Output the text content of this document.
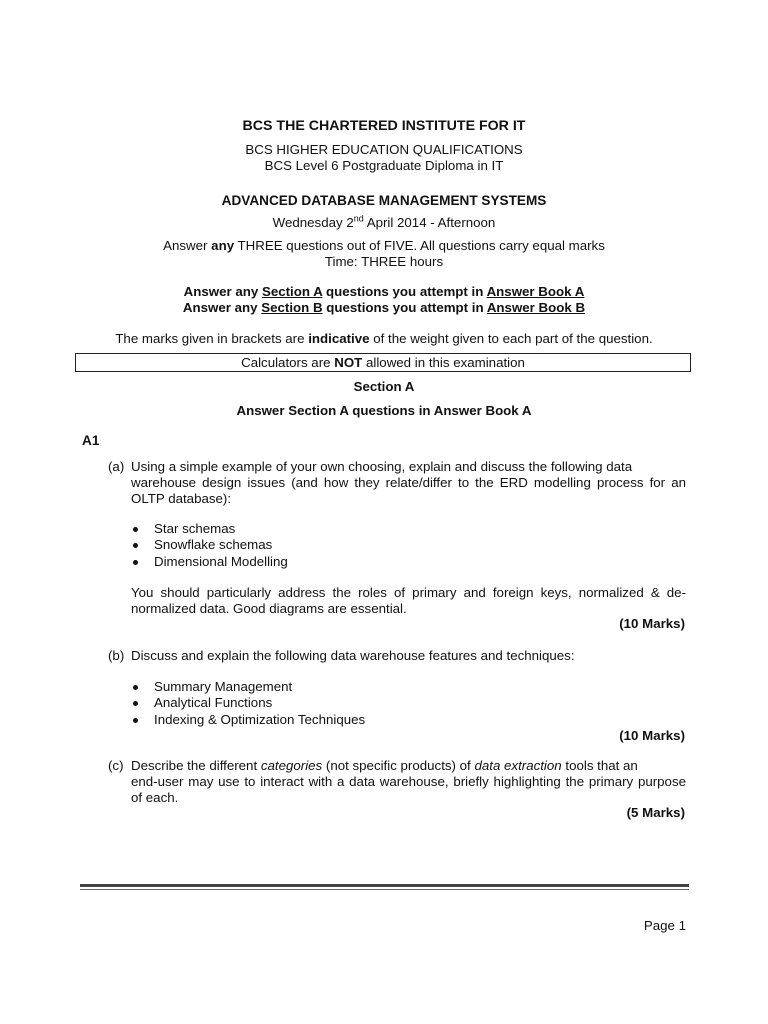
BCS THE CHARTERED INSTITUTE FOR IT
BCS HIGHER EDUCATION QUALIFICATIONS
BCS Level 6 Postgraduate Diploma in IT
ADVANCED DATABASE MANAGEMENT SYSTEMS
Wednesday 2nd April 2014 - Afternoon
Answer any THREE questions out of FIVE. All questions carry equal marks
Time: THREE hours
Answer any Section A questions you attempt in Answer Book A
Answer any Section B questions you attempt in Answer Book B
The marks given in brackets are indicative of the weight given to each part of the question.
Calculators are NOT allowed in this examination
Section A
Answer Section A questions in Answer Book A
A1
(a) Using a simple example of your own choosing, explain and discuss the following data
warehouse design issues (and how they relate/differ to the ERD modelling process for an OLTP database):
Star schemas
Snowflake schemas
Dimensional Modelling
You should particularly address the roles of primary and foreign keys, normalized & de-normalized data. Good diagrams are essential.
(10 Marks)
(b) Discuss and explain the following data warehouse features and techniques:
Summary Management
Analytical Functions
Indexing & Optimization Techniques
(10 Marks)
(c) Describe the different categories (not specific products) of data extraction tools that an
end-user may use to interact with a data warehouse, briefly highlighting the primary purpose of each.
(5 Marks)
Page 1
